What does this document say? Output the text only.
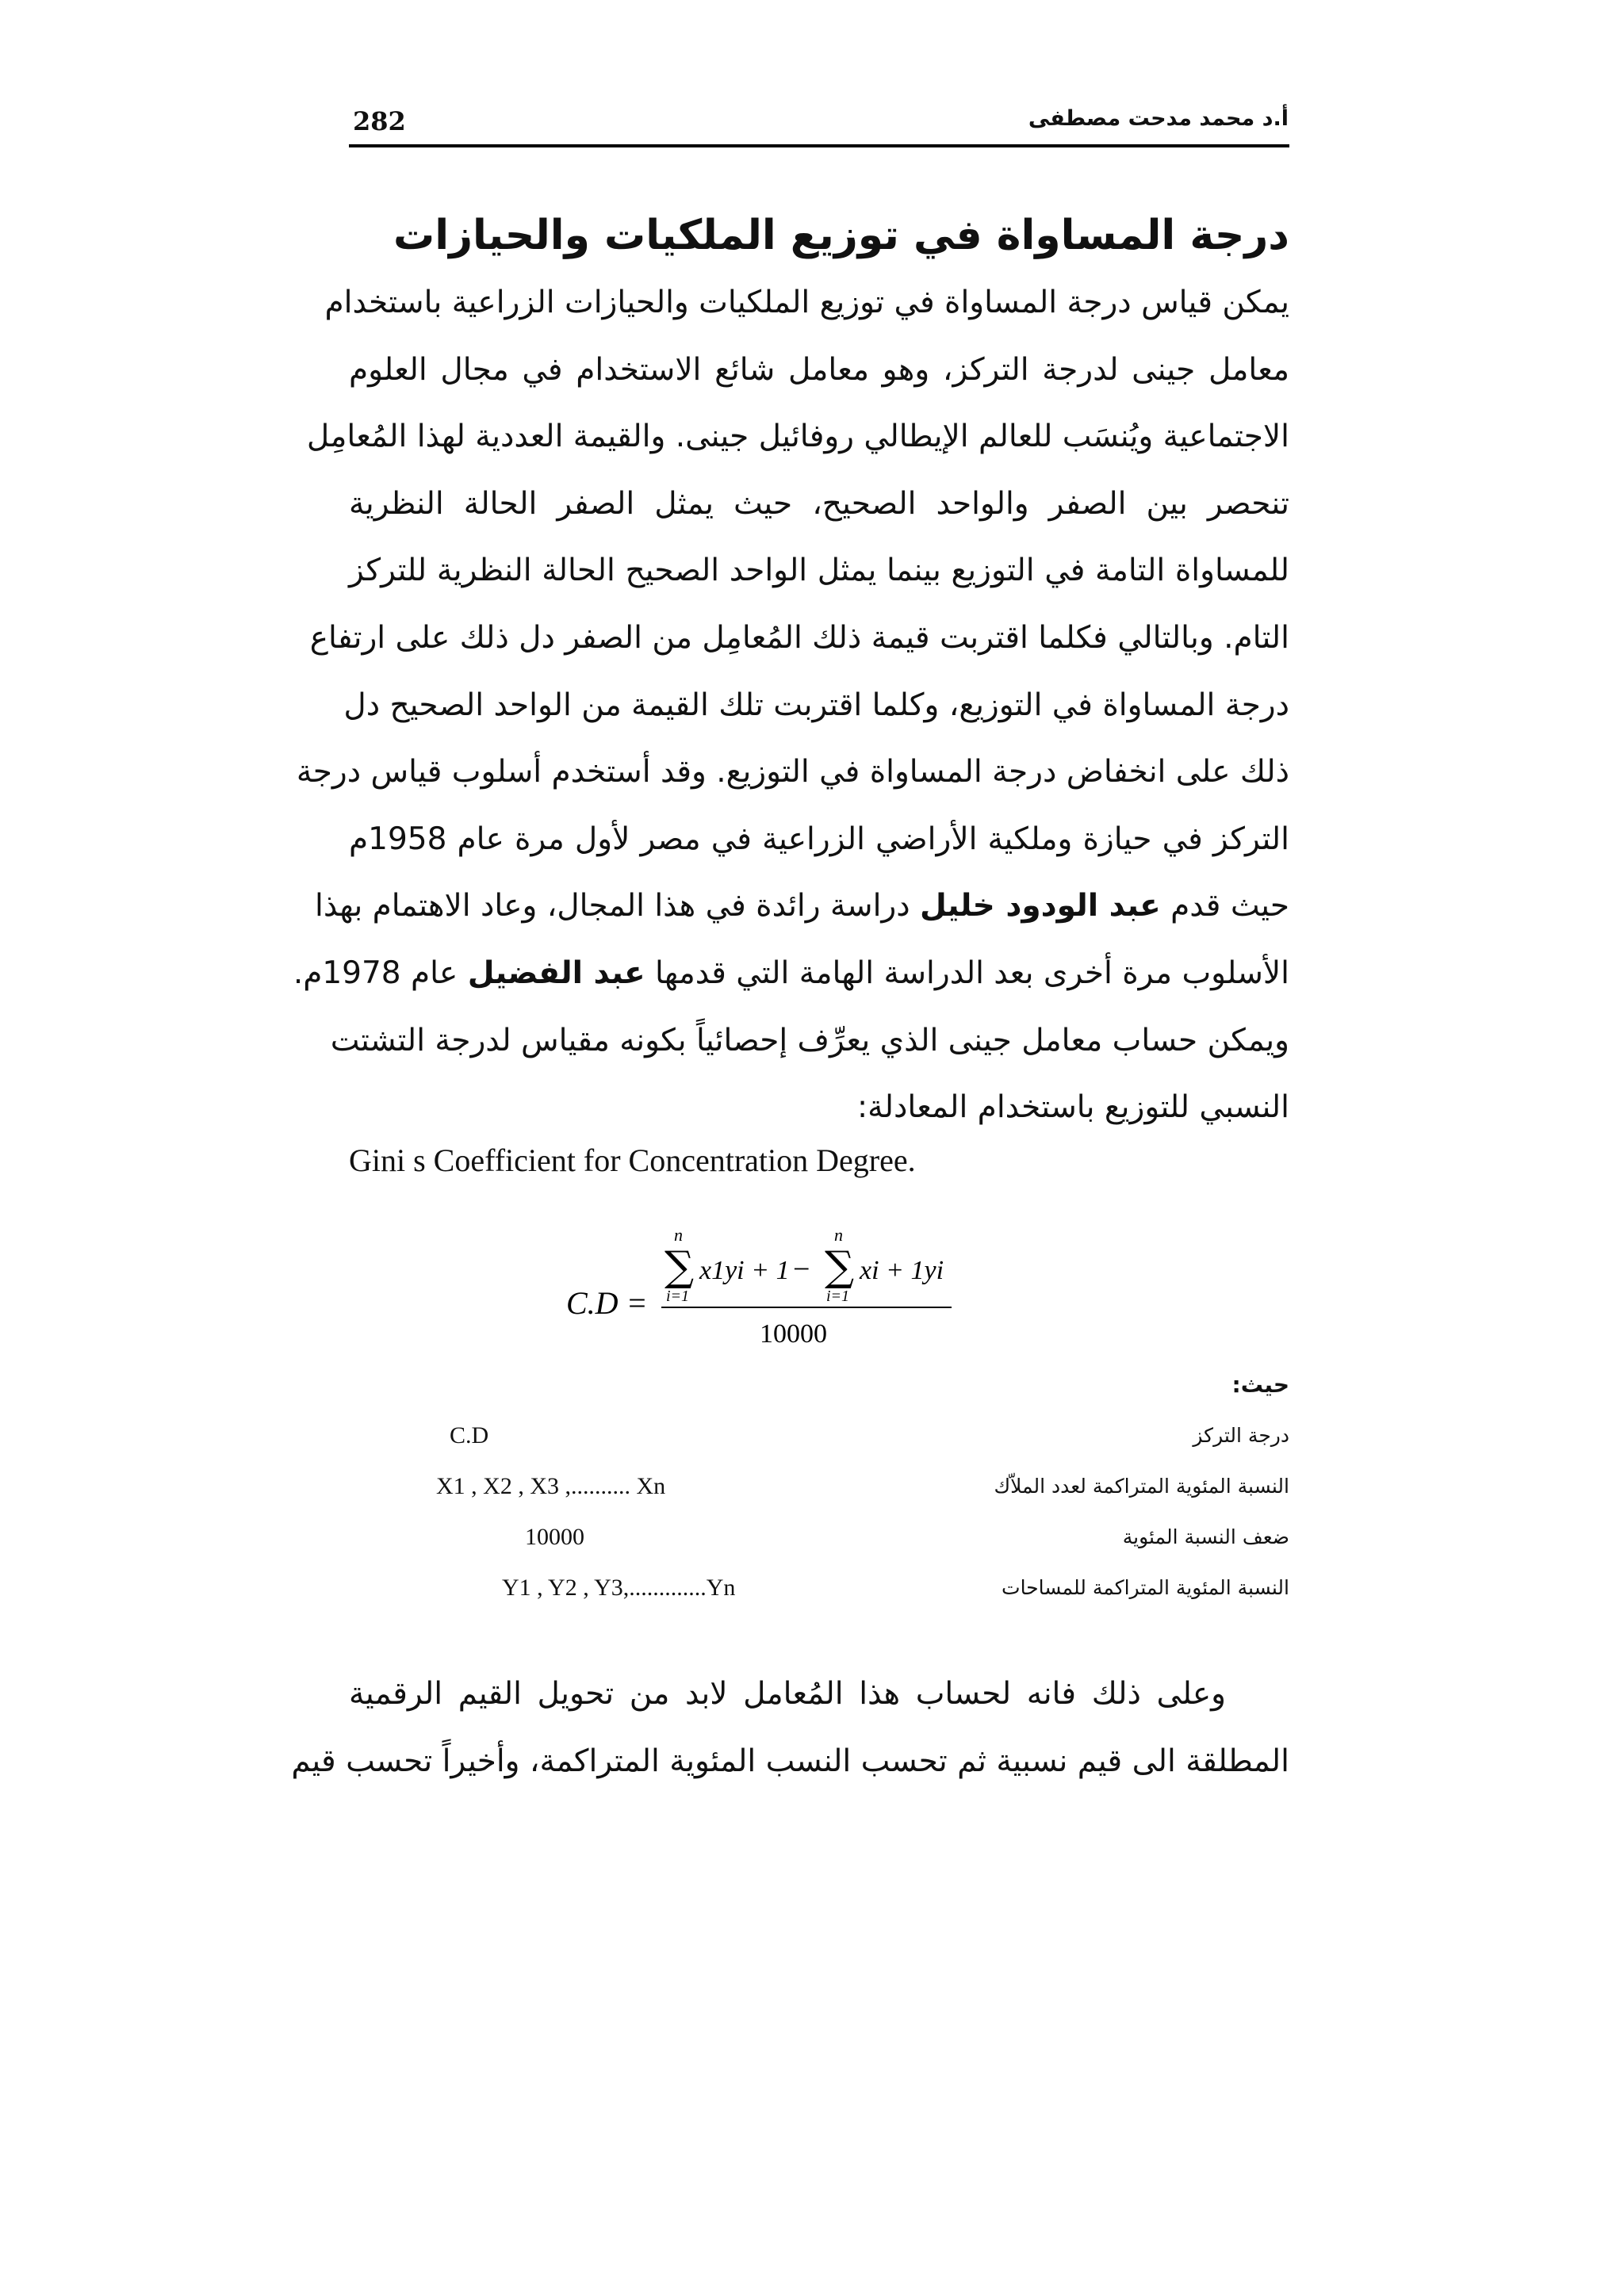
282	أ.د محمد مدحت مصطفى
درجة المساواة في توزيع الملكيات والحيازات
يمكن قياس درجة المساواة في توزيع الملكيات والحيازات الزراعية باستخدام
معامل جينى لدرجة التركز، وهو معامل شائع الاستخدام في مجال العلوم
الاجتماعية ويُنسَب للعالم الإيطالي روفائيل جينى. والقيمة العددية لهذا المُعامِل
تنحصر بين الصفر والواحد الصحيح، حيث يمثل الصفر الحالة النظرية
للمساواة التامة في التوزيع بينما يمثل الواحد الصحيح الحالة النظرية للتركز
التام. وبالتالي فكلما اقتربت قيمة ذلك المُعامِل من الصفر دل ذلك على ارتفاع
درجة المساواة في التوزيع، وكلما اقتربت تلك القيمة من الواحد الصحيح دل
ذلك على انخفاض درجة المساواة في التوزيع. وقد أستخدم أسلوب قياس درجة
التركز في حيازة وملكية الأراضي الزراعية في مصر لأول مرة عام 1958م
حيث قدم عبد الودود خليل دراسة رائدة في هذا المجال، وعاد الاهتمام بهذا
الأسلوب مرة أخرى بعد الدراسة الهامة التي قدمها عبد الفضيل عام 1978م.
ويمكن حساب معامل جينى الذي يعرِّف إحصائياً بكونه مقياس لدرجة التشتت
النسبي للتوزيع باستخدام المعادلة:
Gini s Coefficient for Concentration Degree.
C.D =
n
∑
i=1
x1yi + 1 −
n
∑
i=1
xi + 1yi
10000
حيث:
C.D	درجة التركز
X1 , X2 , X3 ,.......... Xn	النسبة المئوية المتراكمة لعدد الملاّك
10000	ضعف النسبة المئوية
Y1 , Y2 , Y3,.............Yn	النسبة المئوية المتراكمة للمساحات
وعلى ذلك فانه لحساب هذا المُعامل لابد من تحويل القيم الرقمية
المطلقة الى قيم نسبية ثم تحسب النسب المئوية المتراكمة، وأخيراً تحسب قيم
